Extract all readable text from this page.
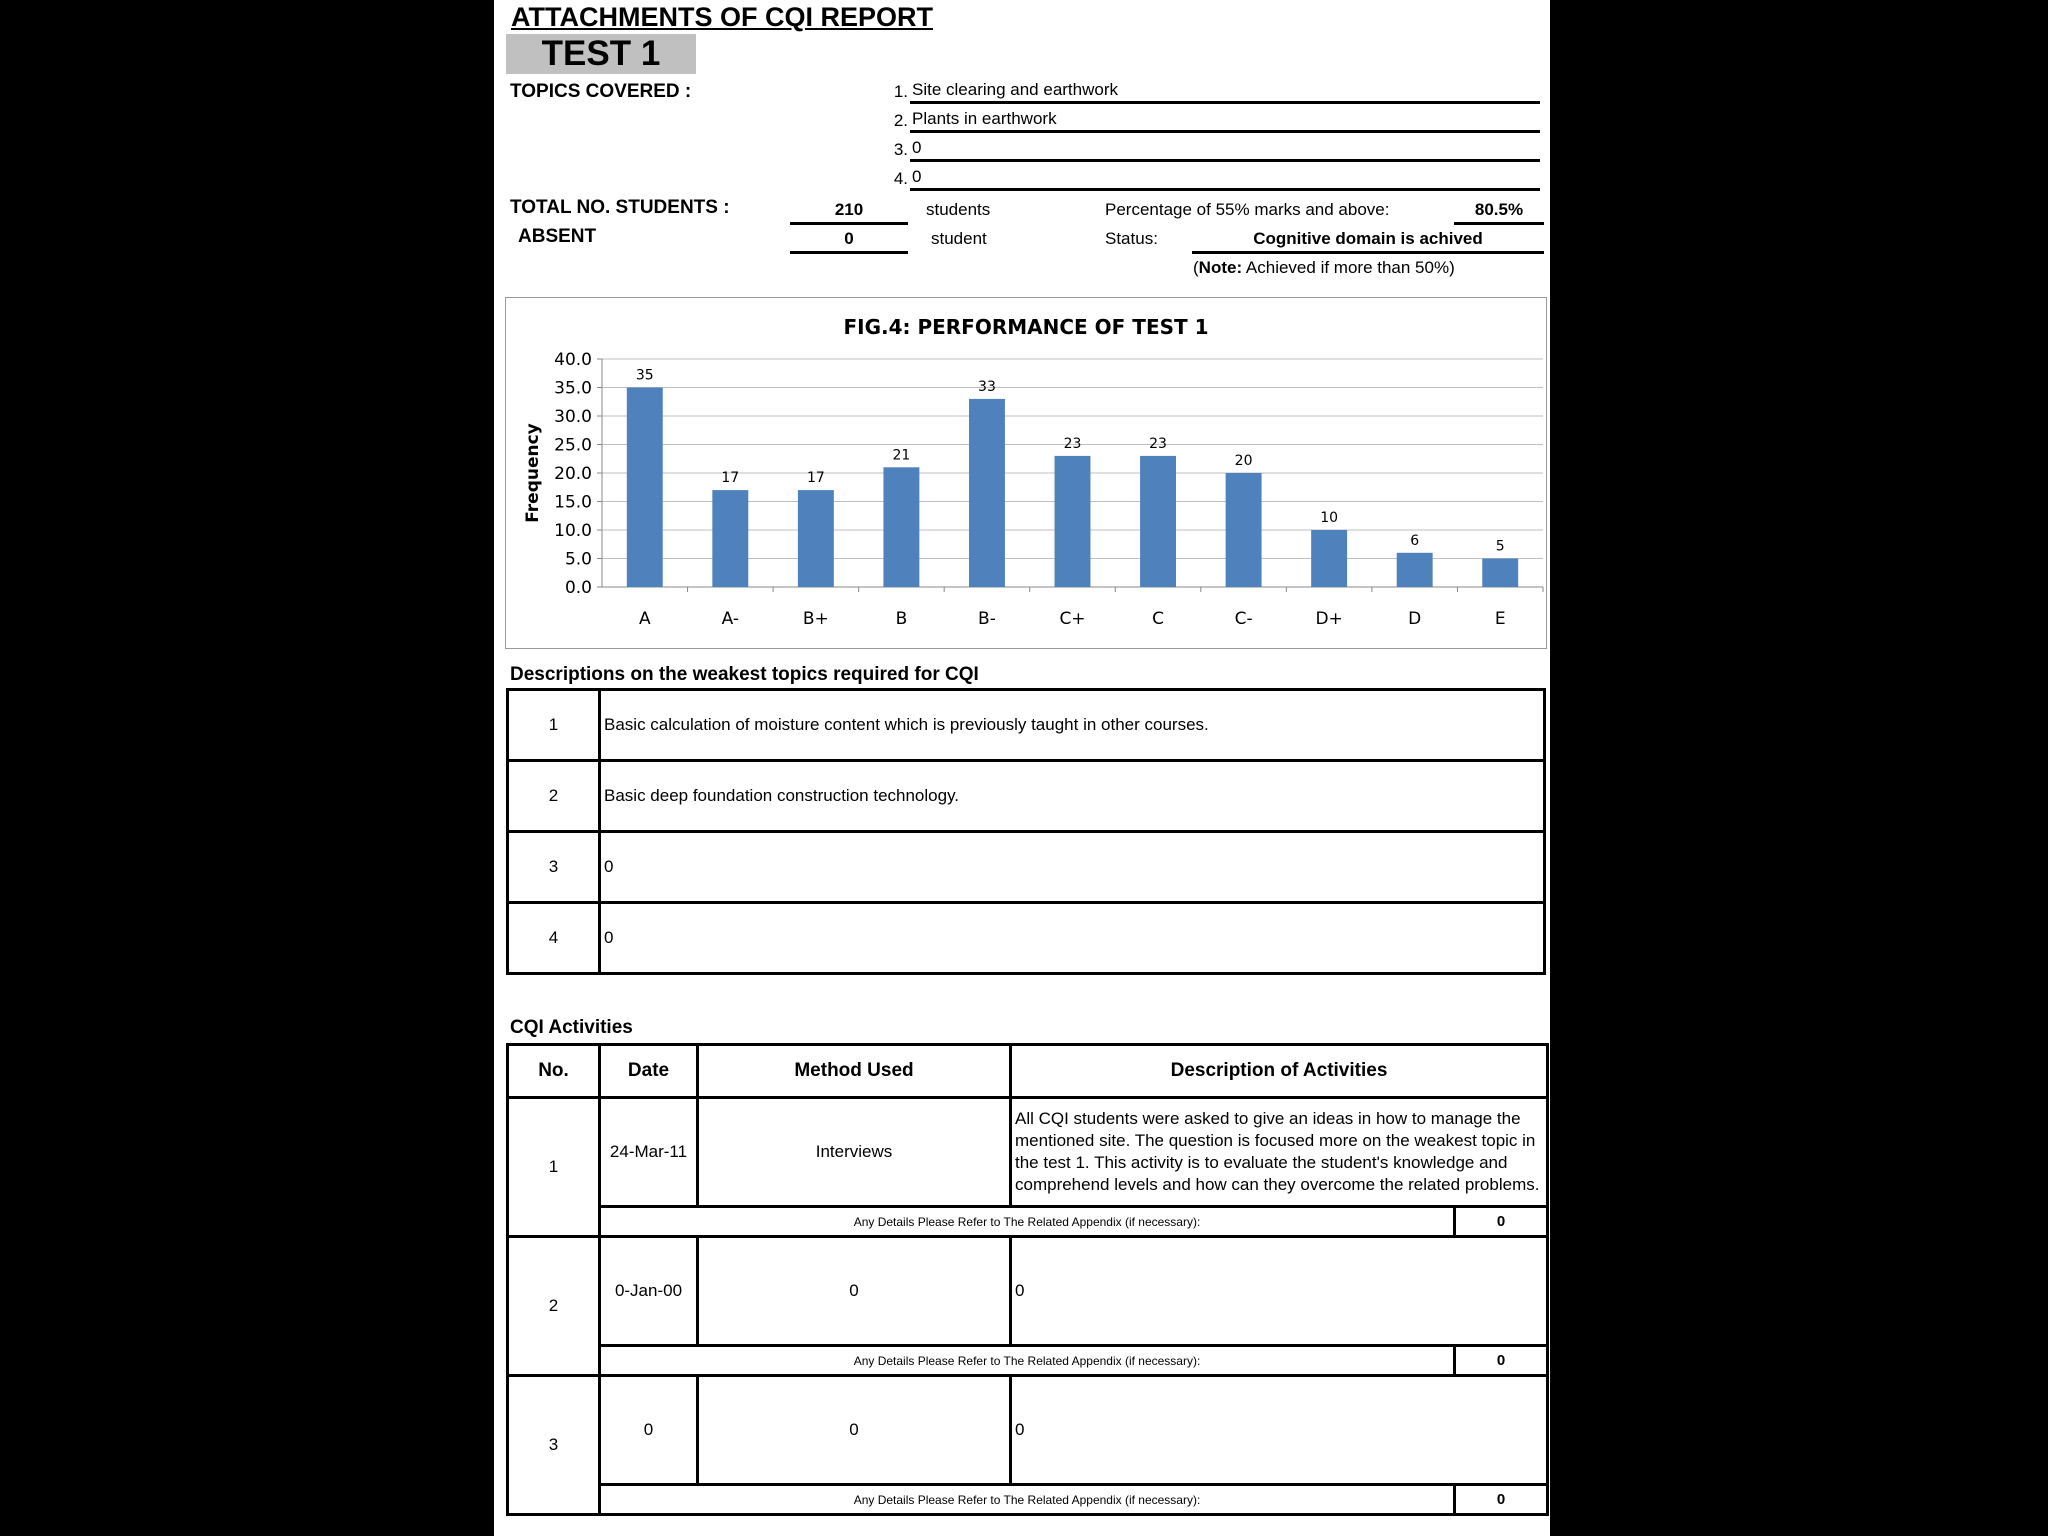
ATTACHMENTS OF CQI REPORT
TEST 1
TOPICS COVERED :	1. Site clearing and earthwork
2. Plants in earthwork
3. 0
4. 0
TOTAL NO. STUDENTS :	210	students
ABSENT	0	student
Percentage of 55% marks and above:	80.5%
Status:	Cognitive domain is achived
(Note: Achieved if more than 50%)
FIG.4: PERFORMANCE OF TEST 1
Frequency
0.0
5.0
10.0
15.0
20.0
25.0
30.0
35.0
40.0
35
A
17
A-
17
B+
21
B
33
B-
23
C+
23
C
20
C-
10
D+
6
D
5
E
Descriptions on the weakest topics required for CQI
1	Basic calculation of moisture content which is previously taught in other courses.
2	Basic deep foundation construction technology.
3	0
4	0
CQI Activities
No.	Date	Method Used	Description of Activities	
1	24-Mar-11	Interviews	All CQI students were asked to give an ideas in how to manage the mentioned site. The question is focused more on the weakest topic in the test 1. This activity is to evaluate the student's knowledge and comprehend levels and how can they overcome the related problems.	
	Any Details Please Refer to The Related Appendix (if necessary):			0
2	0-Jan-00	0	0	
	Any Details Please Refer to The Related Appendix (if necessary):			0
3	0	0	0	
	Any Details Please Refer to The Related Appendix (if necessary):			0
